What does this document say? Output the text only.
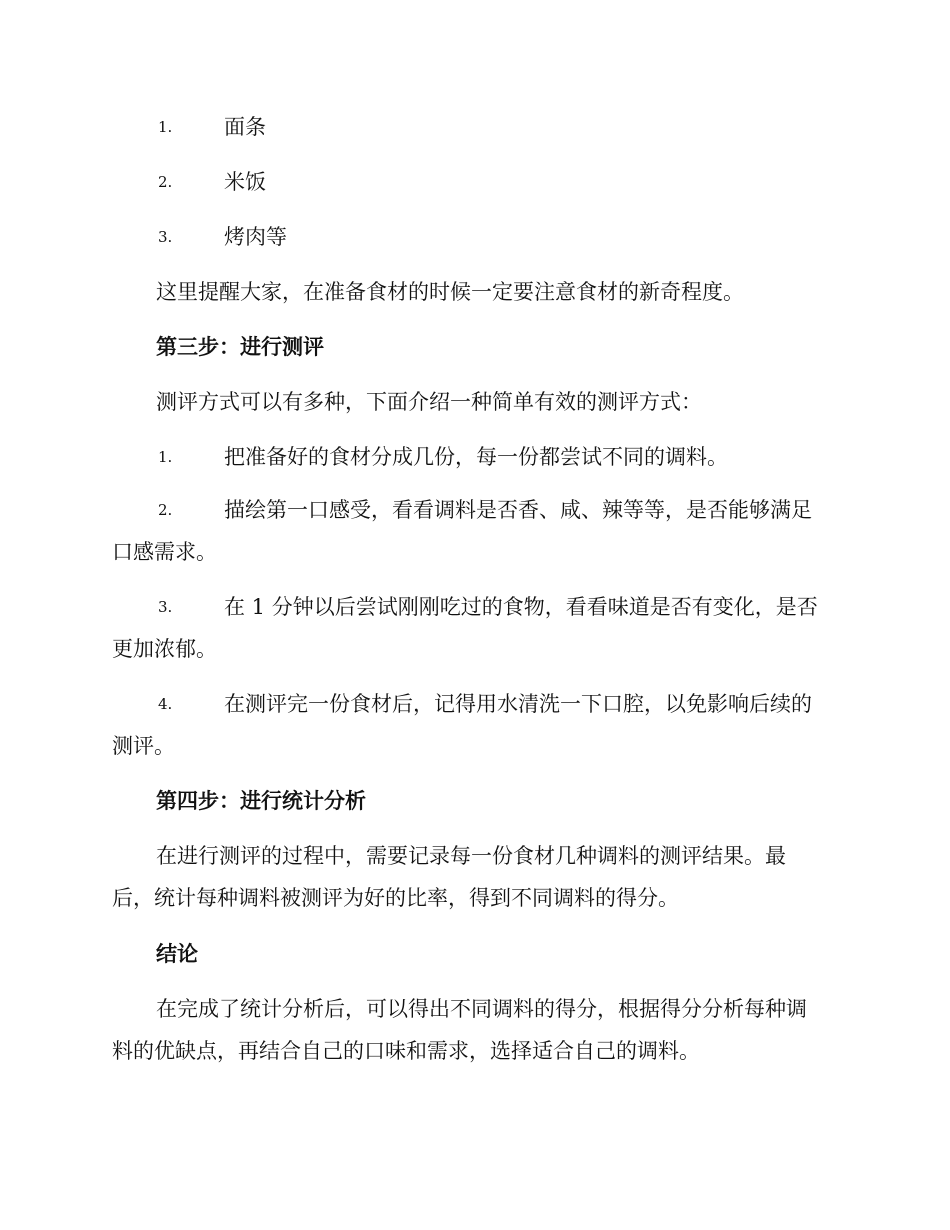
1. 面条
2. 米饭
3. 烤肉等
这里提醒大家，在准备食材的时候一定要注意食材的新奇程度。
第三步：进行测评
测评方式可以有多种，下面介绍一种简单有效的测评方式：
1. 把准备好的食材分成几份，每一份都尝试不同的调料。
2. 描绘第一口感受，看看调料是否香、咸、辣等等，是否能够满足
口感需求。
3. 在 1 分钟以后尝试刚刚吃过的食物，看看味道是否有变化，是否
更加浓郁。
4. 在测评完一份食材后，记得用水清洗一下口腔，以免影响后续的
测评。
第四步：进行统计分析
在进行测评的过程中，需要记录每一份食材几种调料的测评结果。最
后，统计每种调料被测评为好的比率，得到不同调料的得分。
结论
在完成了统计分析后，可以得出不同调料的得分，根据得分分析每种调
料的优缺点，再结合自己的口味和需求，选择适合自己的调料。
